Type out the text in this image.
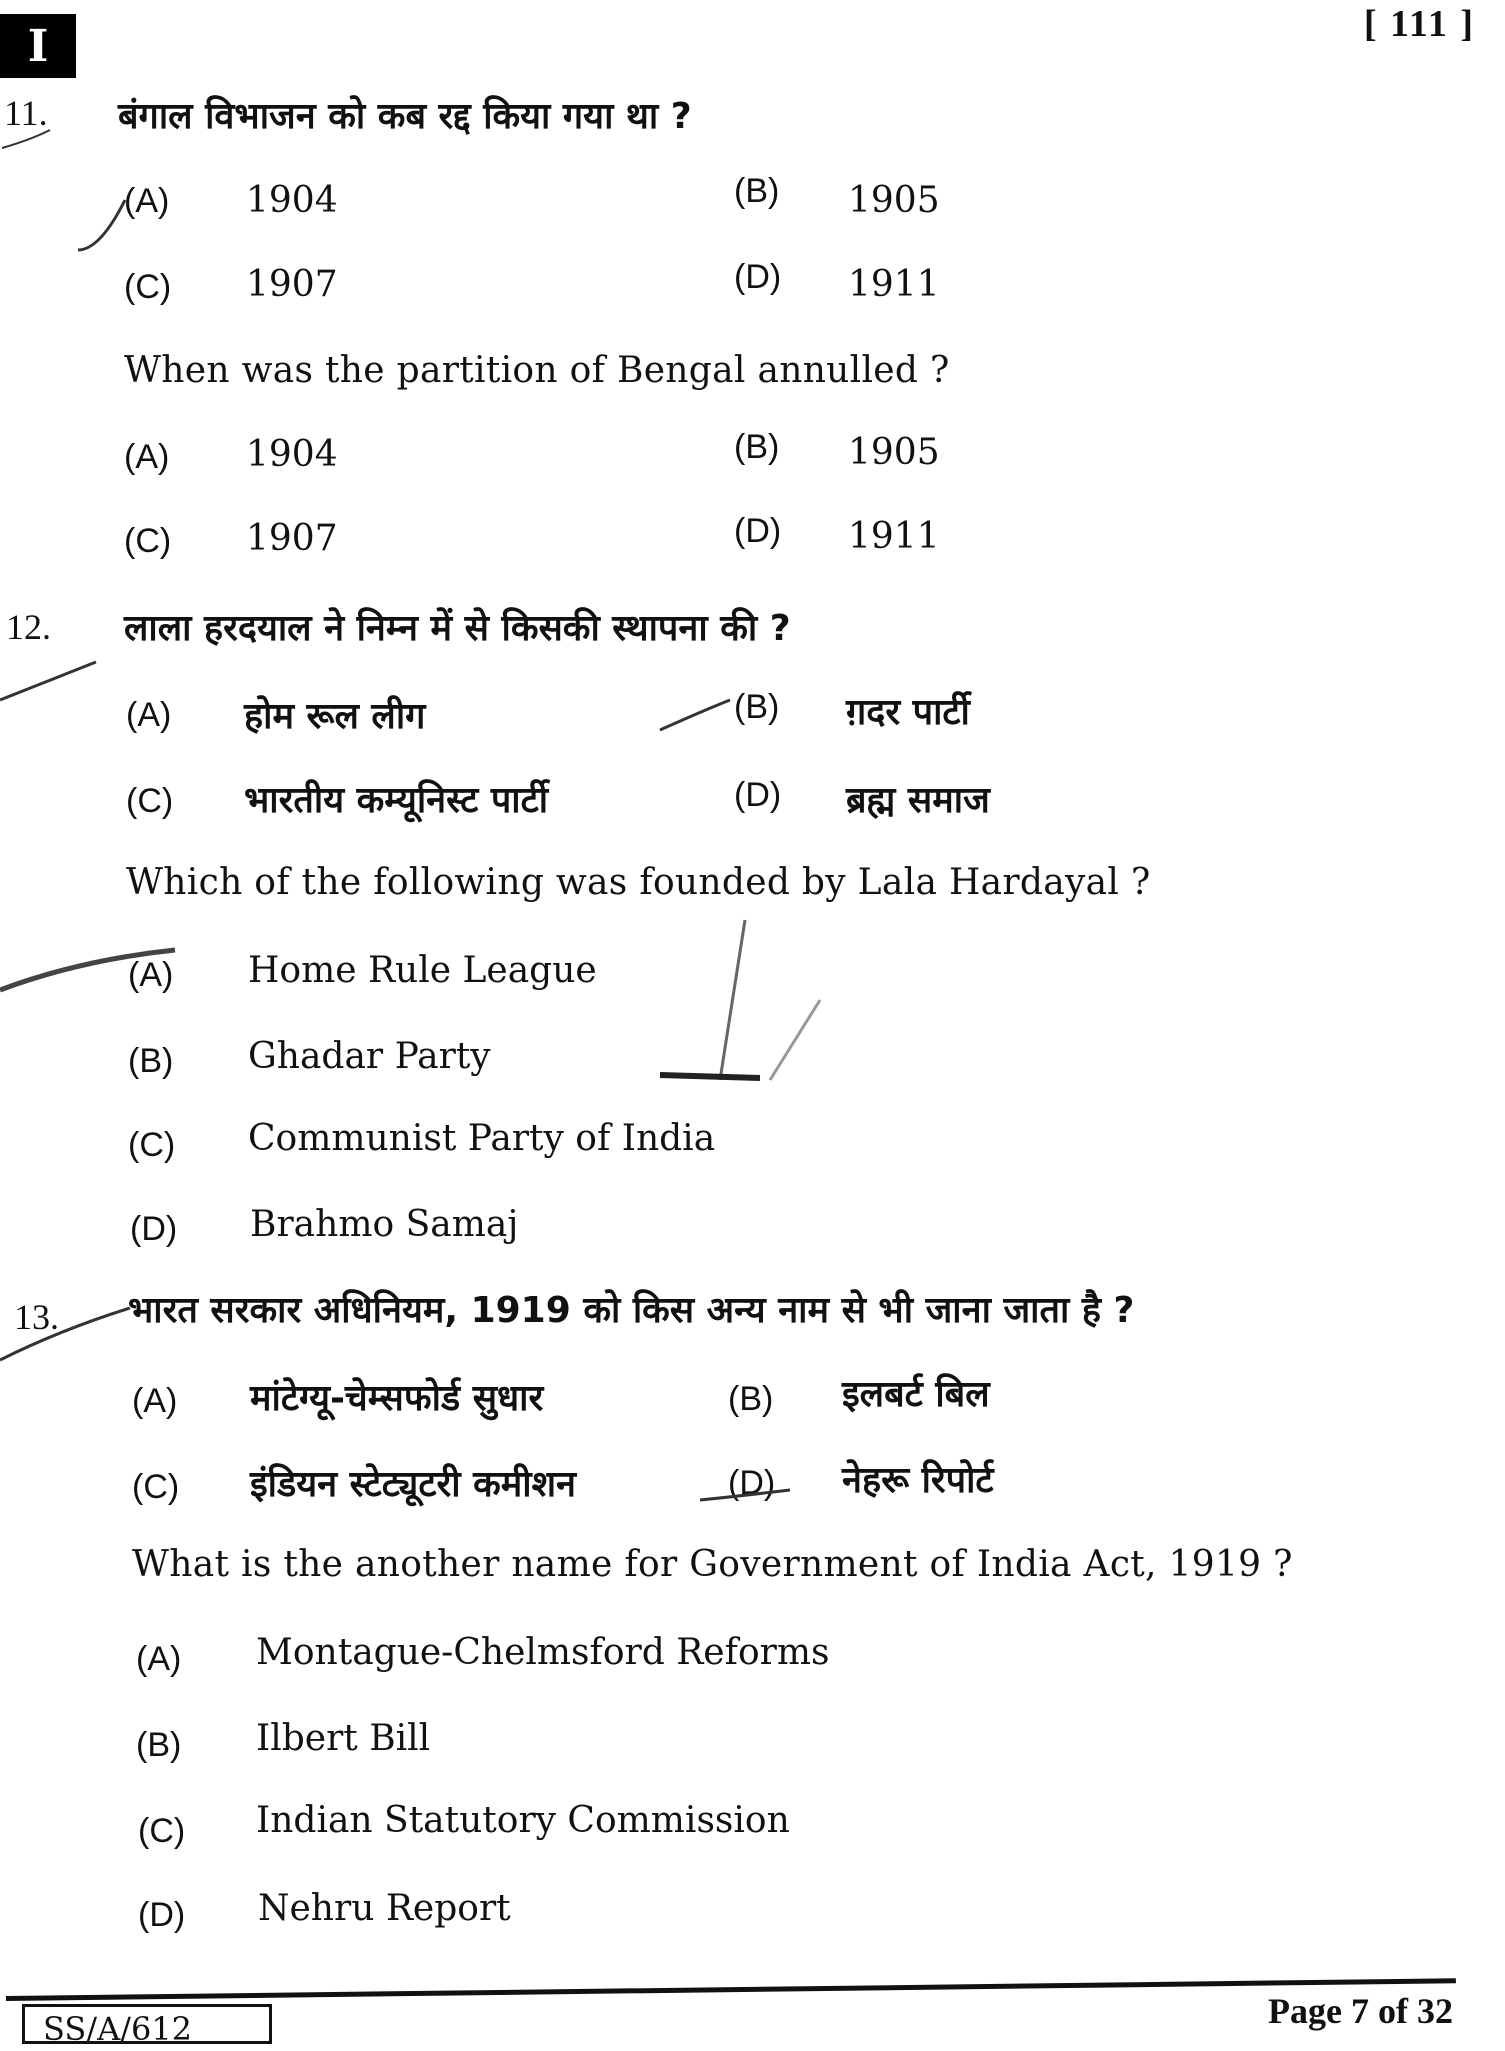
I	[ 111 ]
11. बंगाल विभाजन को कब रद्द किया गया था ?
(A) 1904	(B) 1905
(C) 1907	(D) 1911
When was the partition of Bengal annulled ?
(A) 1904	(B) 1905
(C) 1907	(D) 1911
12. लाला हरदयाल ने निम्न में से किसकी स्थापना की ?
(A) होम रूल लीग	(B) ग़दर पार्टी
(C) भारतीय कम्यूनिस्ट पार्टी	(D) ब्रह्म समाज
Which of the following was founded by Lala Hardayal ?
(A) Home Rule League
(B) Ghadar Party
(C) Communist Party of India
(D) Brahmo Samaj
13. भारत सरकार अधिनियम, 1919 को किस अन्य नाम से भी जाना जाता है ?
(A) मांटेग्यू-चेम्सफोर्ड सुधार	(B) इलबर्ट बिल
(C) इंडियन स्टेट्यूटरी कमीशन	(D) नेहरू रिपोर्ट
What is the another name for Government of India Act, 1919 ?
(A) Montague-Chelmsford Reforms
(B) Ilbert Bill
(C) Indian Statutory Commission
(D) Nehru Report
SS/A/612	Page 7 of 32
